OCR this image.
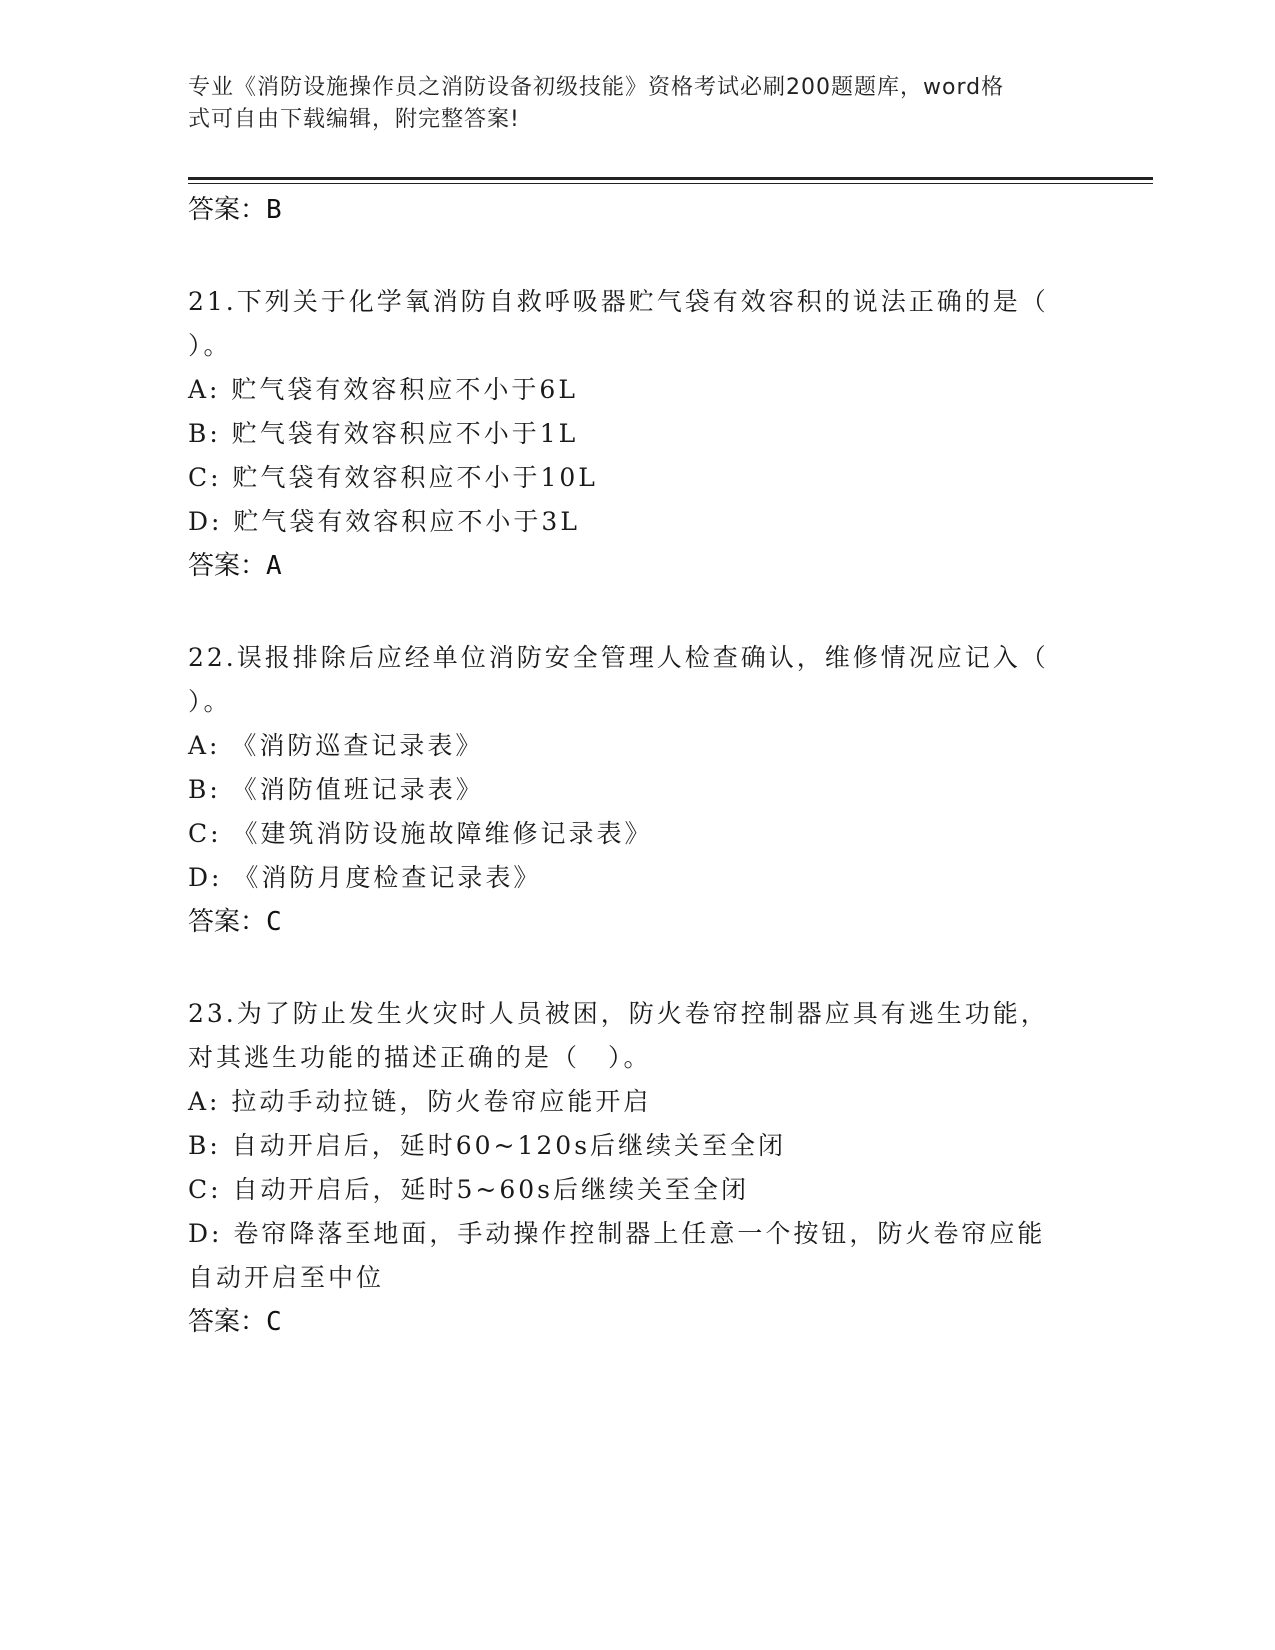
专业《消防设施操作员之消防设备初级技能》资格考试必刷200题题库，word格
式可自由下载编辑，附完整答案!
答案：B
21.下列关于化学氧消防自救呼吸器贮气袋有效容积的说法正确的是（
）。
A: 贮气袋有效容积应不小于6L
B: 贮气袋有效容积应不小于1L
C: 贮气袋有效容积应不小于10L
D: 贮气袋有效容积应不小于3L
答案：A
22.误报排除后应经单位消防安全管理人检查确认，维修情况应记入（
）。
A: 《消防巡查记录表》
B: 《消防值班记录表》
C: 《建筑消防设施故障维修记录表》
D: 《消防月度检查记录表》
答案：C
23.为了防止发生火灾时人员被困，防火卷帘控制器应具有逃生功能，
对其逃生功能的描述正确的是（　）。
A: 拉动手动拉链，防火卷帘应能开启
B: 自动开启后，延时60~120s后继续关至全闭
C: 自动开启后，延时5~60s后继续关至全闭
D: 卷帘降落至地面，手动操作控制器上任意一个按钮，防火卷帘应能
自动开启至中位
答案：C
